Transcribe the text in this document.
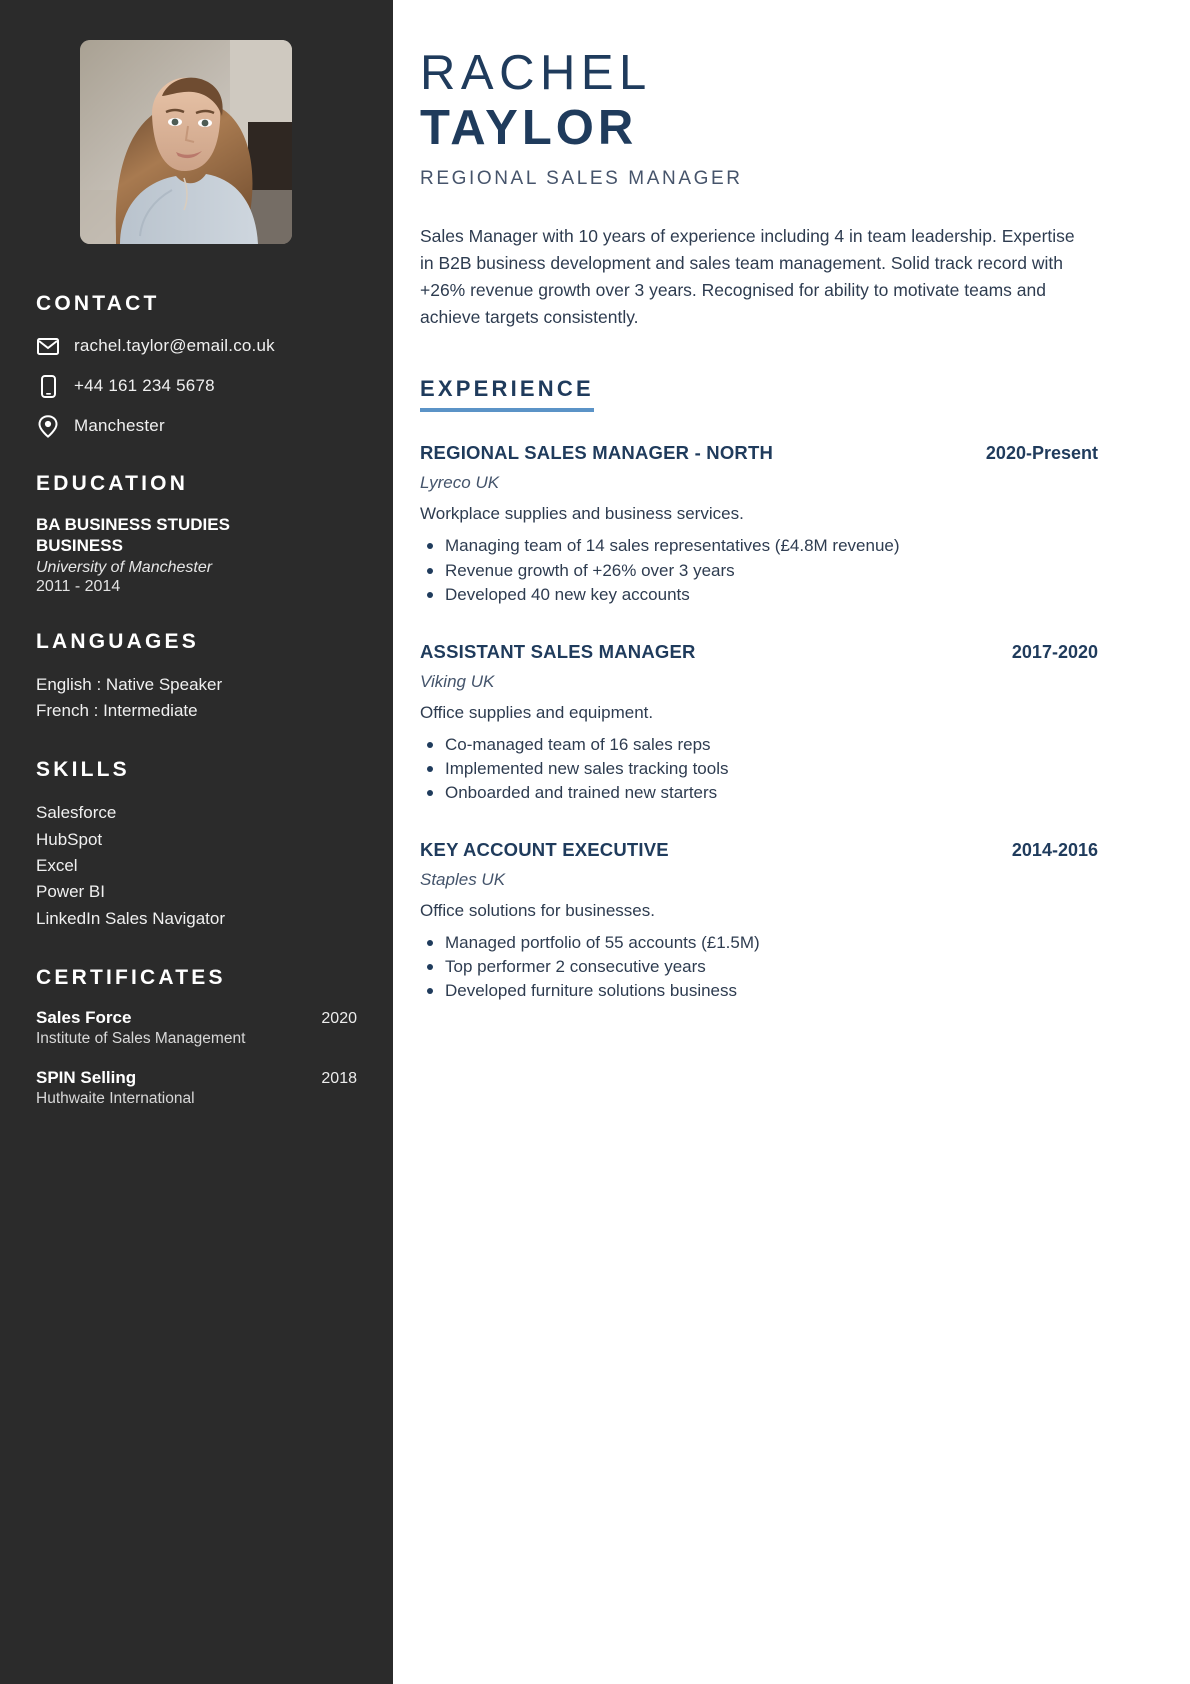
CONTACT
rachel.taylor@email.co.uk
+44 161 234 5678
Manchester
EDUCATION
BA BUSINESS STUDIES
BUSINESS
University of Manchester
2011 - 2014
LANGUAGES
English : Native Speaker
French : Intermediate
SKILLS
Salesforce
HubSpot
Excel
Power BI
LinkedIn Sales Navigator
CERTIFICATES
Sales Force	2020
Institute of Sales Management
SPIN Selling	2018
Huthwaite International
RACHEL
TAYLOR
REGIONAL SALES MANAGER

Sales Manager with 10 years of experience including 4 in team leadership. Expertise in B2B business development and sales team management. Solid track record with +26% revenue growth over 3 years. Recognised for ability to motivate teams and achieve targets consistently.

EXPERIENCE
REGIONAL SALES MANAGER - NORTH	2020-Present
Lyreco UK
Workplace supplies and business services.
Managing team of 14 sales representatives (£4.8M revenue)
Revenue growth of +26% over 3 years
Developed 40 new key accounts
ASSISTANT SALES MANAGER	2017-2020
Viking UK
Office supplies and equipment.
Co-managed team of 16 sales reps
Implemented new sales tracking tools
Onboarded and trained new starters
KEY ACCOUNT EXECUTIVE	2014-2016
Staples UK
Office solutions for businesses.
Managed portfolio of 55 accounts (£1.5M)
Top performer 2 consecutive years
Developed furniture solutions business
